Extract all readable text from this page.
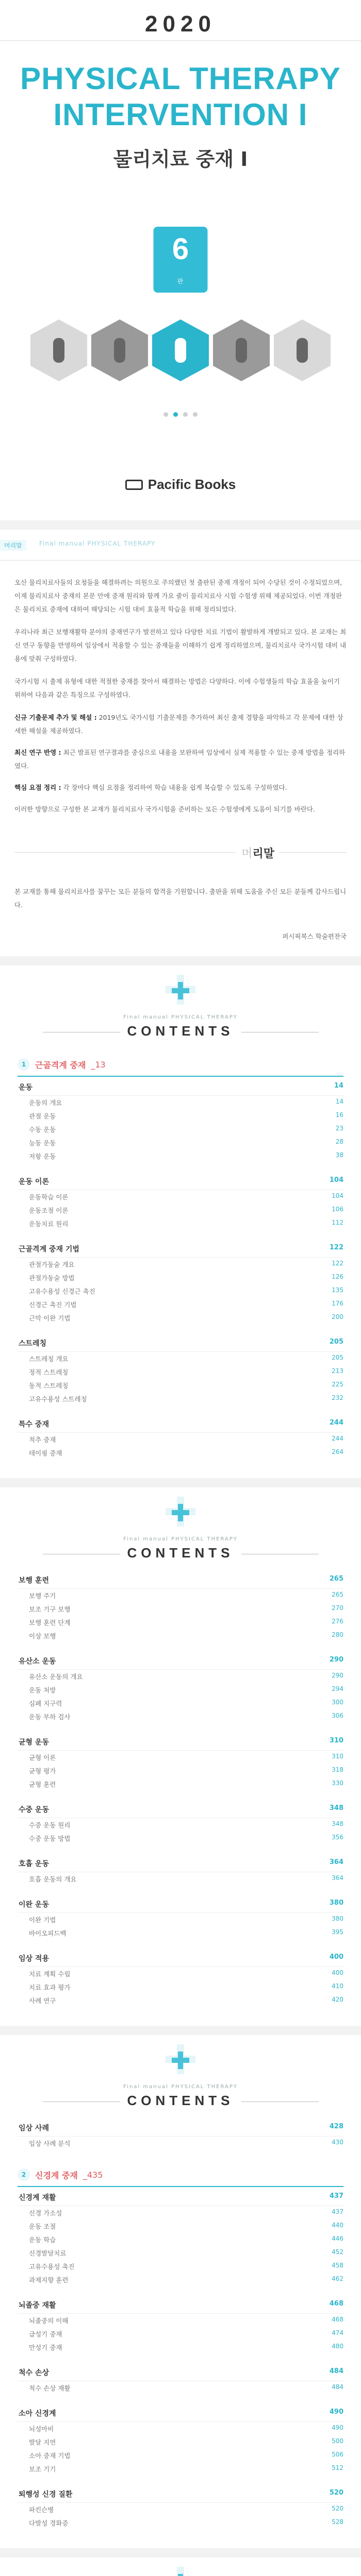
2020
PHYSICAL THERAPY
INTERVENTION I
물리치료 중재 I
6
판
Pacific Books
머리말	Final manual PHYSICAL THERAPY

오산 물리치료사들의 요청들을 해결하려는 의원으로 주의했던 첫 출판된 중재 개정이 되어 수당된 것이 수정되었으며, 이제 물리치료사 중재의 본문 안에 중재 원리와 함께 가요 줄이 물리치료사 시험 수험생 위해 제공되었다. 이번 개정판은 물리치료 중재에 대하여 해당되는 시험 대비 효율적 학습을 위해 정리되었다.

우리나라 최근 보행재활학 분야의 중재연구가 발전하고 있다 다양한 치료 기법이 활발하게 개발되고 있다. 본 교재는 최신 연구 동향을 반영하여 임상에서 적용할 수 있는 중재들을 이해하기 쉽게 정리하였으며, 물리치료사 국가시험 대비 내용에 맞춰 구성하였다.

국가시험 시 출제 유형에 대한 적절한 중재를 찾아서 해결하는 방법은 다양하다. 이에 수험생들의 학습 효율을 높이기 위하여 다음과 같은 특징으로 구성하였다.

신규 기출문제 추가 및 해설 : 2019년도 국가시험 기출문제를 추가하여 최신 출제 경향을 파악하고 각 문제에 대한 상세한 해설을 제공하였다.
최신 연구 반영 : 최근 발표된 연구결과를 중심으로 내용을 보완하여 임상에서 실제 적용할 수 있는 중재 방법을 정리하였다.
핵심 요점 정리 : 각 장마다 핵심 요점을 정리하여 학습 내용을 쉽게 복습할 수 있도록 구성하였다.

이러한 방향으로 구성한 본 교재가 물리치료사 국가시험을 준비하는 모든 수험생에게 도움이 되기를 바란다.

머리말

본 교재를 통해 물리치료사를 꿈꾸는 모든 분들의 합격을 기원합니다. 출판을 위해 도움을 주신 모든 분들께 감사드립니다.

퍼시픽북스 학술편찬국
Final manual PHYSICAL THERAPY
CONTENTS
1	근골격계 중재 _13
운동	14
운동의 개요	14
관절 운동	16
수동 운동	23
능동 운동	28
저항 운동	38
운동 이론	104
운동학습 이론	104
운동조절 이론	106
운동치료 원리	112
근골격계 중재 기법	122
관절가동술 개요	122
관절가동술 방법	126
고유수용성 신경근 촉진	135
신경근 촉진 기법	176
근막 이완 기법	200
스트레칭	205
스트레칭 개요	205
정적 스트레칭	213
동적 스트레칭	225
고유수용성 스트레칭	232
특수 중재	244
척추 중재	244
테이핑 중재	264
Final manual PHYSICAL THERAPY
CONTENTS
보행 훈련	265
보행 주기	265
보조 기구 보행	270
보행 훈련 단계	276
이상 보행	280
유산소 운동	290
유산소 운동의 개요	290
운동 처방	294
심폐 지구력	300
운동 부하 검사	306
균형 운동	310
균형 이론	310
균형 평가	318
균형 훈련	330
수중 운동	348
수중 운동 원리	348
수중 운동 방법	356
호흡 운동	364
호흡 운동의 개요	364
이완 운동	380
이완 기법	380
바이오피드백	395
임상 적용	400
치료 계획 수립	400
치료 효과 평가	410
사례 연구	420
Final manual PHYSICAL THERAPY
CONTENTS
임상 사례	428
임상 사례 분석	430
2	신경계 중재 _435
신경계 재활	437
신경 가소성	437
운동 조절	440
운동 학습	446
신경발달치료	452
고유수용성 촉진	458
과제지향 훈련	462
뇌졸중 재활	468
뇌졸중의 이해	468
급성기 중재	474
만성기 중재	480
척수 손상	484
척수 손상 재활	484
소아 신경계	490
뇌성마비	490
발달 지연	500
소아 중재 기법	506
보조 기기	512
퇴행성 신경 질환	520
파킨슨병	520
다발성 경화증	528
